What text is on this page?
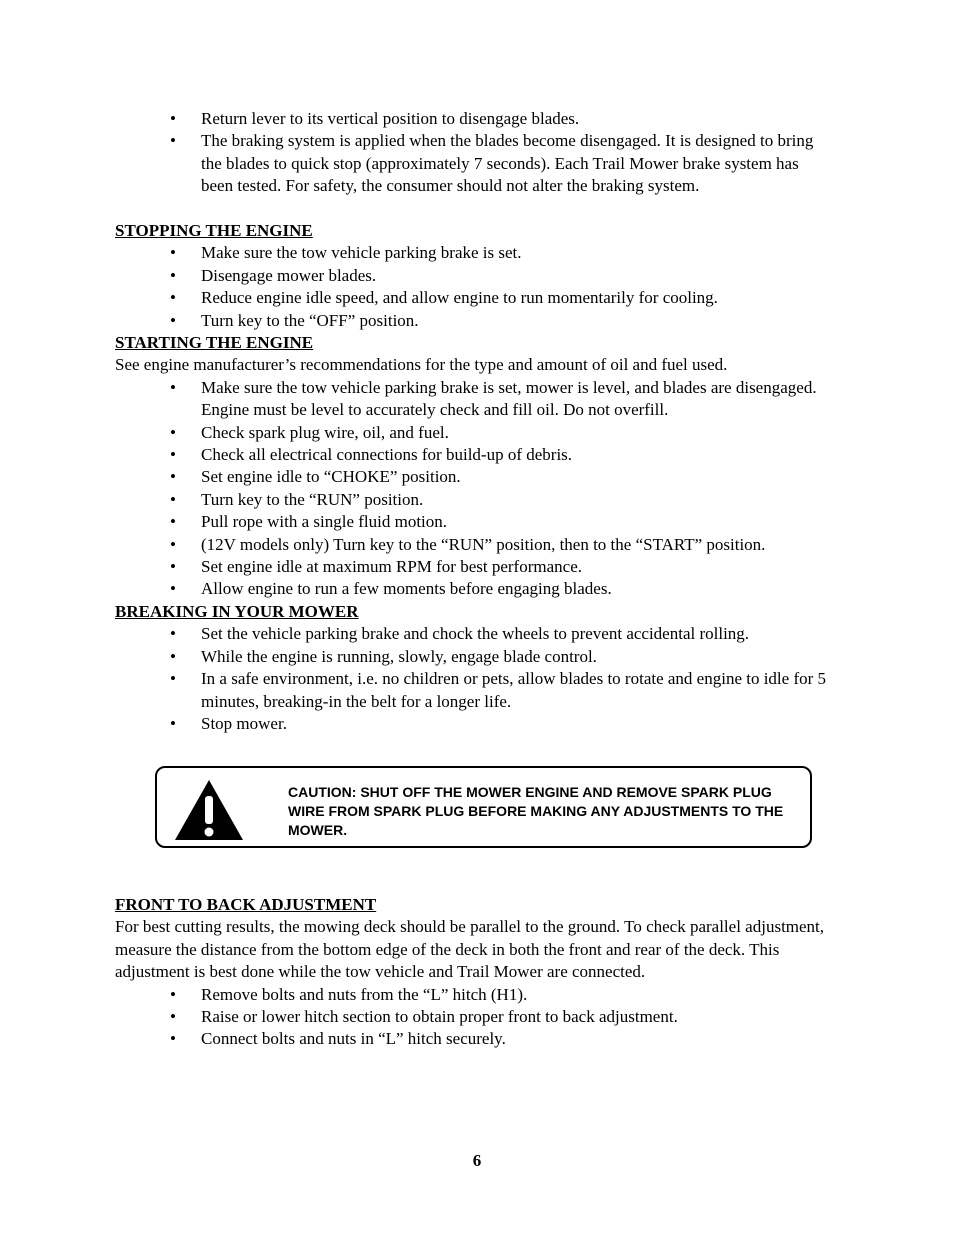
• Return lever to its vertical position to disengage blades.
• The braking system is applied when the blades become disengaged. It is designed to bring the blades to quick stop (approximately 7 seconds). Each Trail Mower brake system has been tested. For safety, the consumer should not alter the braking system.
STOPPING THE ENGINE
• Make sure the tow vehicle parking brake is set.
• Disengage mower blades.
• Reduce engine idle speed, and allow engine to run momentarily for cooling.
• Turn key to the “OFF” position.
STARTING THE ENGINE

See engine manufacturer’s recommendations for the type and amount of oil and fuel used.

• Make sure the tow vehicle parking brake is set, mower is level, and blades are disengaged. Engine must be level to accurately check and fill oil. Do not overfill.
• Check spark plug wire, oil, and fuel.
• Check all electrical connections for build-up of debris.
• Set engine idle to “CHOKE” position.
• Turn key to the “RUN” position.
• Pull rope with a single fluid motion.
• (12V models only) Turn key to the “RUN” position, then to the “START” position.
• Set engine idle at maximum RPM for best performance.
• Allow engine to run a few moments before engaging blades.
BREAKING IN YOUR MOWER
• Set the vehicle parking brake and chock the wheels to prevent accidental rolling.
• While the engine is running, slowly, engage blade control.
• In a safe environment, i.e. no children or pets, allow blades to rotate and engine to idle for 5 minutes, breaking-in the belt for a longer life.
• Stop mower.
CAUTION: SHUT OFF THE MOWER ENGINE AND REMOVE SPARK PLUG WIRE FROM SPARK PLUG BEFORE MAKING ANY ADJUSTMENTS TO THE MOWER.
FRONT TO BACK ADJUSTMENT

For best cutting results, the mowing deck should be parallel to the ground. To check parallel adjustment, measure the distance from the bottom edge of the deck in both the front and rear of the deck. This adjustment is best done while the tow vehicle and Trail Mower are connected.

• Remove bolts and nuts from the “L” hitch (H1).
• Raise or lower hitch section to obtain proper front to back adjustment.
• Connect bolts and nuts in “L” hitch securely.
6
